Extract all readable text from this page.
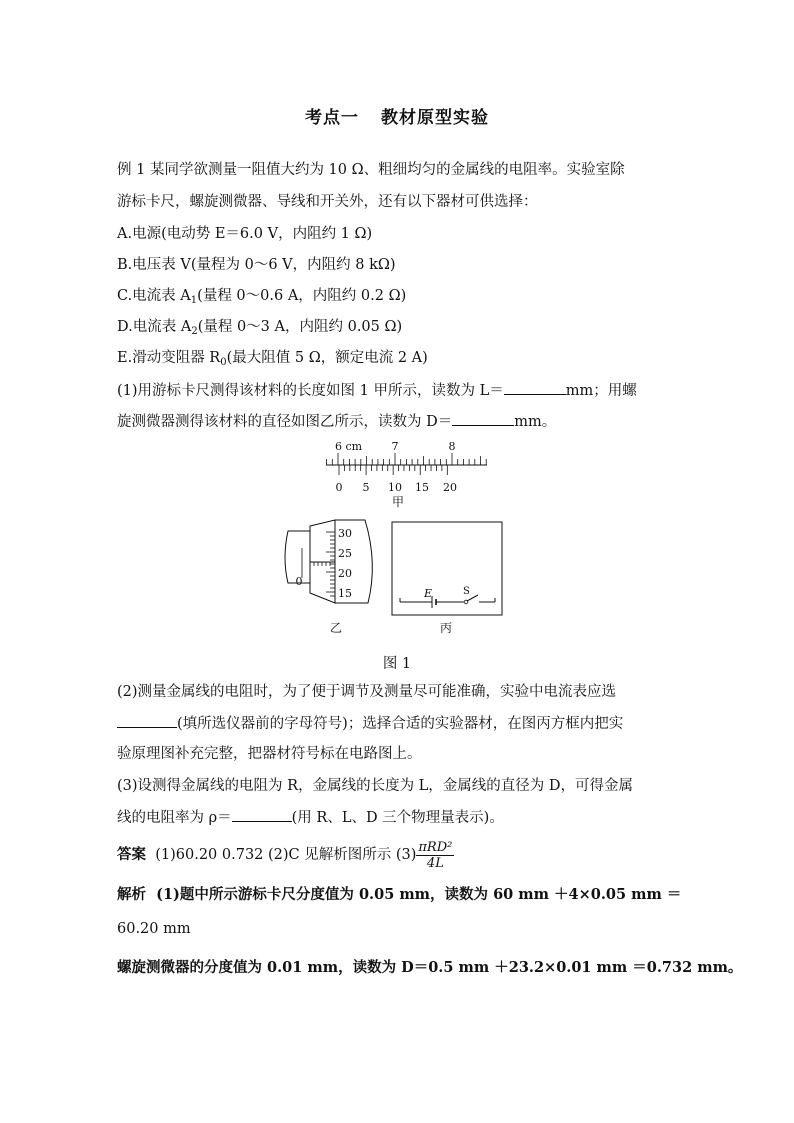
考点一 教材原型实验
例 1 某同学欲测量一阻值大约为 10 Ω、粗细均匀的金属线的电阻率。实验室除
游标卡尺，螺旋测微器、导线和开关外，还有以下器材可供选择：
A.电源(电动势 E＝6.0 V，内阻约 1 Ω)
B.电压表 V(量程为 0～6 V，内阻约 8 kΩ)
C.电流表 $A_1$(量程 0～0.6 A，内阻约 0.2 Ω)
D.电流表 $A_2$(量程 0～3 A，内阻约 0.05 Ω)
E.滑动变阻器 $R_0$(最大阻值 5 Ω，额定电流 2 A)
(1)用游标卡尺测得该材料的长度如图 1 甲所示，读数为 L＝	mm；用螺
旋测微器测得该材料的直径如图乙所示，读数为 D＝	mm。
6 cm	7	8
0 5 10 15 20
甲
0
30
25
20
15
乙
E	S
丙
图 1
(2)测量金属线的电阻时，为了便于调节及测量尽可能准确，实验中电流表应选
(填所选仪器前的字母符号)；选择合适的实验器材，在图丙方框内把实
验原理图补充完整，把器材符号标在电路图上。
(3)设测得金属线的电阻为 R，金属线的长度为 L，金属线的直径为 D，可得金属
线的电阻率为 ρ＝	(用 R、L、D 三个物理量表示)。
答案 (1)60.20 0.732 (2)C 见解析图所示 $(3) \frac{\text{πRD²}}{4L}$
解析 (1)题中所示游标卡尺分度值为 0.05 mm，读数为 60 mm ＋4×0.05 mm ＝
60.20 mm
螺旋测微器的分度值为 0.01 mm，读数为 D＝0.5 mm ＋23.2×0.01 mm ＝0.732 mm。
